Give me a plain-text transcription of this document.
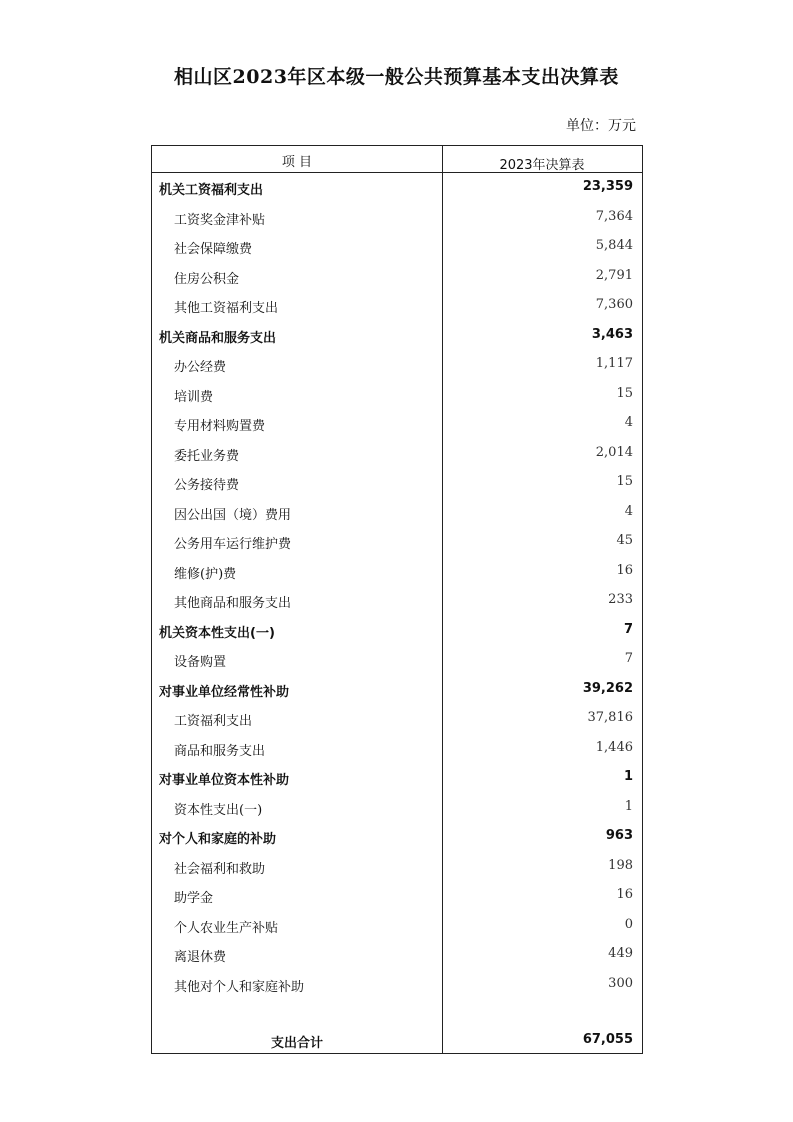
相山区2023年区本级一般公共预算基本支出决算表
单位：万元
项 目	2023年决算表
机关工资福利支出	23,359
工资奖金津补贴	7,364
社会保障缴费	5,844
住房公积金	2,791
其他工资福利支出	7,360
机关商品和服务支出	3,463
办公经费	1,117
培训费	15
专用材料购置费	4
委托业务费	2,014
公务接待费	15
因公出国（境）费用	4
公务用车运行维护费	45
维修(护)费	16
其他商品和服务支出	233
机关资本性支出(一)	7
设备购置	7
对事业单位经常性补助	39,262
工资福利支出	37,816
商品和服务支出	1,446
对事业单位资本性补助	1
资本性支出(一)	1
对个人和家庭的补助	963
社会福利和救助	198
助学金	16
个人农业生产补贴	0
离退休费	449
其他对个人和家庭补助	300
支出合计	67,055
